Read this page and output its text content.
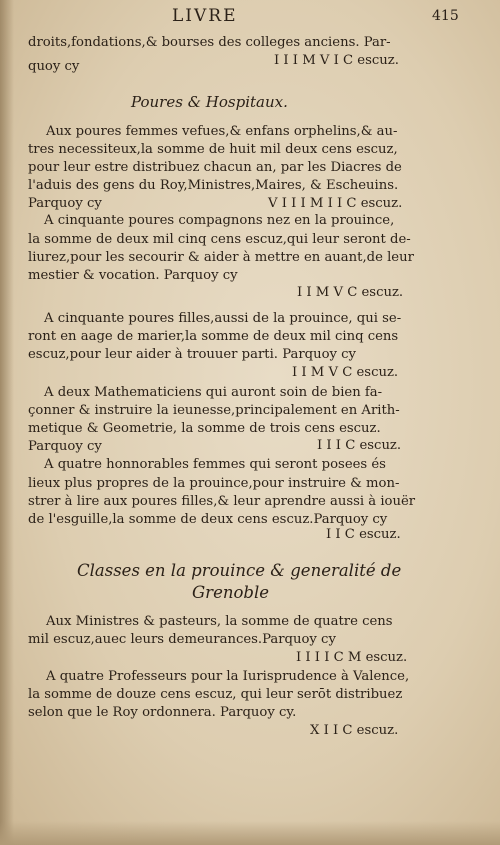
LIVRE	415
droits,fondations,& bourses des colleges anciens. Par-
quoy cy	I I I M V I C escuz.
Poures & Hospitaux.
Aux poures femmes vefues,& enfans orphelins,& au-
tres necessiteux,la somme de huit mil deux cens escuz,
pour leur estre distribuez chacun an, par les Diacres de
l'aduis des gens du Roy,Ministres,Maires, & Escheuins.
Parquoy cy	V I I I M I I C escuz.
A cinquante poures compagnons nez en la prouince,
la somme de deux mil cinq cens escuz,qui leur seront de-
liurez,pour les secourir & aider à mettre en auant,de leur
mestier & vocation. Parquoy cy
I I M V C escuz.
A cinquante poures filles,aussi de la prouince, qui se-
ront en aage de marier,la somme de deux mil cinq cens
escuz,pour leur aider à trouuer parti. Parquoy cy
I I M V C escuz.
A deux Mathematiciens qui auront soin de bien fa-
çonner & instruire la ieunesse,principalement en Arith-
metique & Geometrie, la somme de trois cens escuz.
Parquoy cy	I I I C escuz.
A quatre honnorables femmes qui seront posees és
lieux plus propres de la prouince,pour instruire & mon-
strer à lire aux poures filles,& leur aprendre aussi à iouër
de l'esguille,la somme de deux cens escuz.Parquoy cy
I I C escuz.
Classes en la prouince & generalité de
Grenoble
Aux Ministres & pasteurs, la somme de quatre cens
mil escuz,auec leurs demeurances.Parquoy cy
I I I I C M escuz.
A quatre Professeurs pour la Iurisprudence à Valence,
la somme de douze cens escuz, qui leur serōt distribuez
selon que le Roy ordonnera. Parquoy cy.
X I I C escuz.
